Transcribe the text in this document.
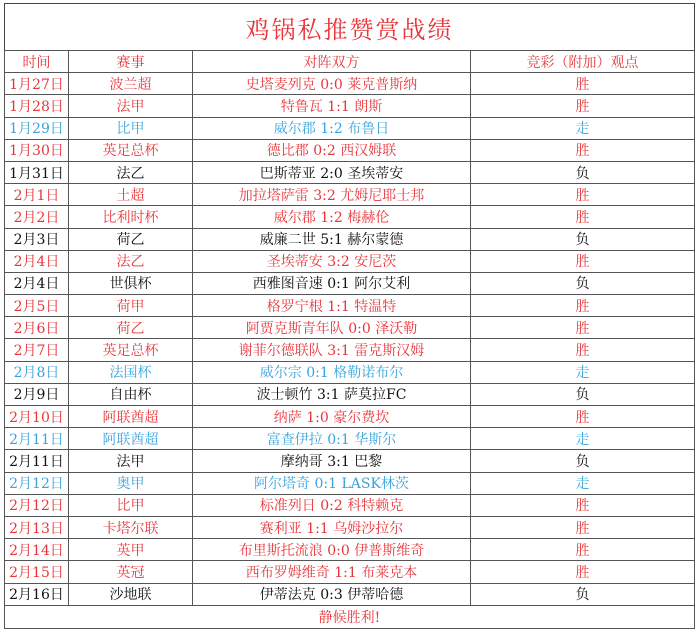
鸡锅私推赞赏战绩
时间	赛事	对阵双方	竞彩（附加）观点
1月27日	波兰超	史塔麦列克 0:0 莱克普斯纳	胜
1月28日	法甲	特鲁瓦 1:1 朗斯	胜
1月29日	比甲	威尔郡 1:2 布鲁日	走
1月30日	英足总杯	德比郡 0:2 西汉姆联	胜
1月31日	法乙	巴斯蒂亚 2:0 圣埃蒂安	负
2月1日	土超	加拉塔萨雷 3:2 尤姆尼耶士邦	胜
2月2日	比利时杯	威尔郡 1:2 梅赫伦	胜
2月3日	荷乙	威廉二世 5:1 赫尔蒙德	负
2月4日	法乙	圣埃蒂安 3:2 安尼茨	胜
2月4日	世俱杯	西雅图音速 0:1 阿尔艾利	负
2月5日	荷甲	格罗宁根 1:1 特温特	胜
2月6日	荷乙	阿贾克斯青年队 0:0 泽沃勒	胜
2月7日	英足总杯	谢菲尔德联队 3:1 雷克斯汉姆	胜
2月8日	法国杯	威尔宗 0:1 格勒诺布尔	走
2月9日	自由杯	波士顿竹 3:1 萨莫拉FC	负
2月10日	阿联酋超	纳萨 1:0 豪尔费坎	胜
2月11日	阿联酋超	富查伊拉 0:1 华斯尔	走
2月11日	法甲	摩纳哥 3:1 巴黎	负
2月12日	奥甲	阿尔塔奇 0:1 LASK林茨	走
2月12日	比甲	标准列日 0:2 科特赖克	胜
2月13日	卡塔尔联	赛利亚 1:1 乌姆沙拉尔	胜
2月14日	英甲	布里斯托流浪 0:0 伊普斯维奇	胜
2月15日	英冠	西布罗姆维奇 1:1 布莱克本	胜
2月16日	沙地联	伊蒂法克 0:3 伊蒂哈德	负
静候胜利!			
